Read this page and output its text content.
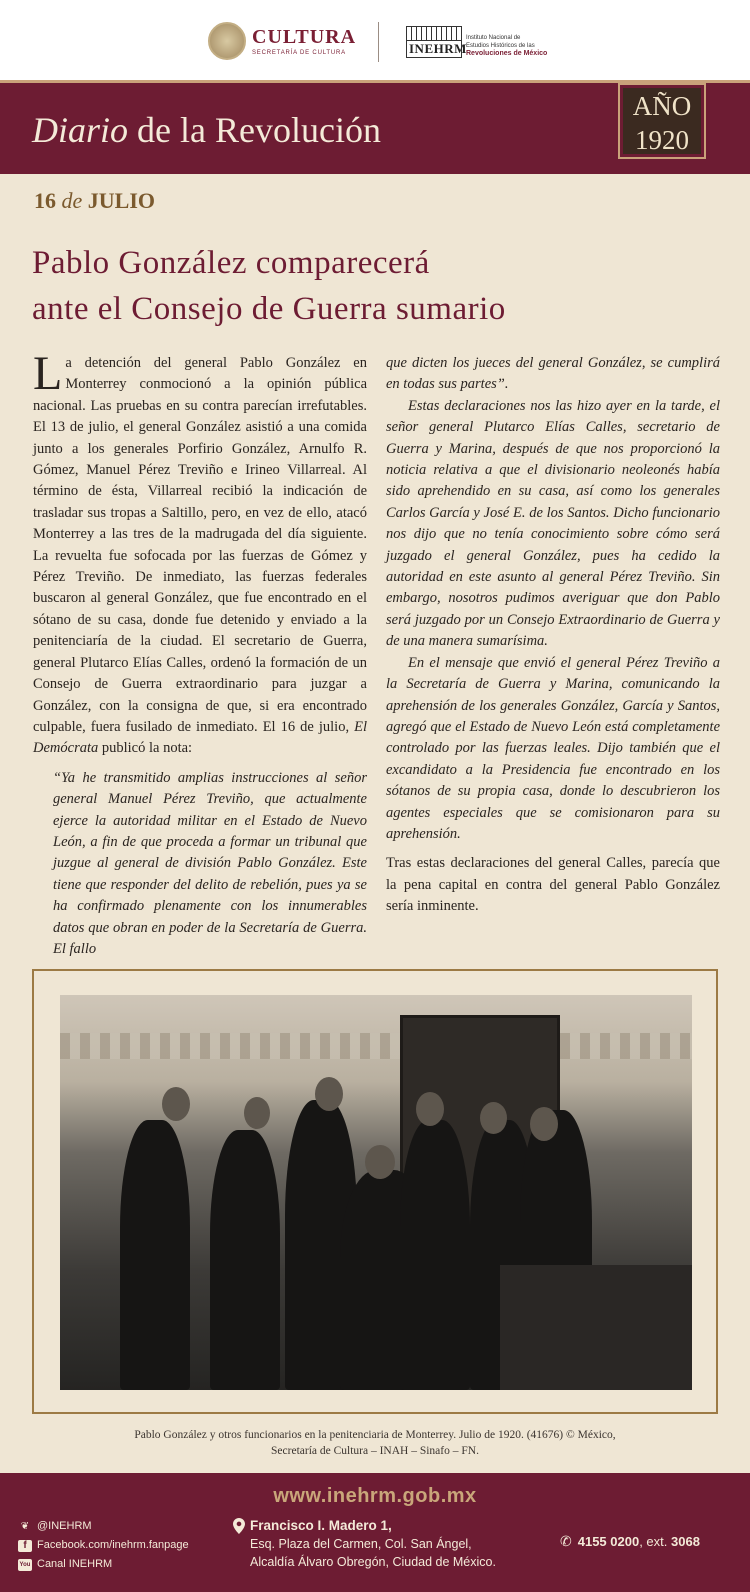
CULTURA
SECRETARÍA DE CULTURA	INEHRM
Instituto Nacional de
Estudios Históricos de las
Revoluciones de México
Diario de la Revolución
AÑO
1920
16 de JULIO
Pablo González comparecerá
ante el Consejo de Guerra sumario

La detención del general Pablo González en Monterrey conmocionó a la opinión pública nacional. Las pruebas en su contra parecían irrefutables. El 13 de julio, el general González asistió a una comida junto a los generales Porfirio González, Arnulfo R. Gómez, Manuel Pérez Treviño e Irineo Villarreal. Al término de ésta, Villarreal recibió la indicación de trasladar sus tropas a Saltillo, pero, en vez de ello, atacó Monterrey a las tres de la madrugada del día siguiente. La revuelta fue sofocada por las fuerzas de Gómez y Pérez Treviño. De inmediato, las fuerzas federales buscaron al general González, que fue encontrado en el sótano de su casa, donde fue detenido y enviado a la penitenciaría de la ciudad. El secretario de Guerra, general Plutarco Elías Calles, ordenó la formación de un Consejo de Guerra extraordinario para juzgar a González, con la consigna de que, si era encontrado culpable, fuera fusilado de inmediato. El 16 de julio, El Demócrata publicó la nota:

“Ya he transmitido amplias instrucciones al señor general Manuel Pérez Treviño, que actualmente ejerce la autoridad militar en el Estado de Nuevo León, a fin de que proceda a formar un tribunal que juzgue al general de división Pablo González. Este tiene que responder del delito de rebelión, pues ya se ha confirmado plenamente con los innumerables datos que obran en poder de la Secretaría de Guerra. El fallo

que dicten los jueces del general González, se cumplirá en todas sus partes”.

Estas declaraciones nos las hizo ayer en la tarde, el señor general Plutarco Elías Calles, secretario de Guerra y Marina, después de que nos proporcionó la noticia relativa a que el divisionario neoleonés había sido aprehendido en su casa, así como los generales Carlos García y José E. de los Santos. Dicho funcionario nos dijo que no tenía conocimiento sobre cómo será juzgado el general González, pues ha cedido la autoridad en este asunto al general Pérez Treviño. Sin embargo, nosotros pudimos averiguar que don Pablo será juzgado por un Consejo Extraordinario de Guerra y de una manera sumarísima.

En el mensaje que envió el general Pérez Treviño a la Secretaría de Guerra y Marina, comunicando la aprehensión de los generales González, García y Santos, agregó que el Estado de Nuevo León está completamente controlado por las fuerzas leales. Dijo también que el excandidato a la Presidencia fue encontrado en los sótanos de su propia casa, donde lo descubrieron los agentes especiales que se comisionaron para su aprehensión.

Tras estas declaraciones del general Calles, parecía que la pena capital en contra del general Pablo González sería inminente.

Pablo González y otros funcionarios en la penitenciaria de Monterrey. Julio de 1920. (41676) © México,
Secretaría de Cultura – INAH – Sinafo – FN.
www.inehrm.gob.mx
❦ @INEHRM
f Facebook.com/inehrm.fanpage
You Tube
Canal INEHRM
Francisco I. Madero 1,
Esq. Plaza del Carmen, Col. San Ángel,
Alcaldía Álvaro Obregón, Ciudad de México.
✆ 4155 0200, ext. 3068
